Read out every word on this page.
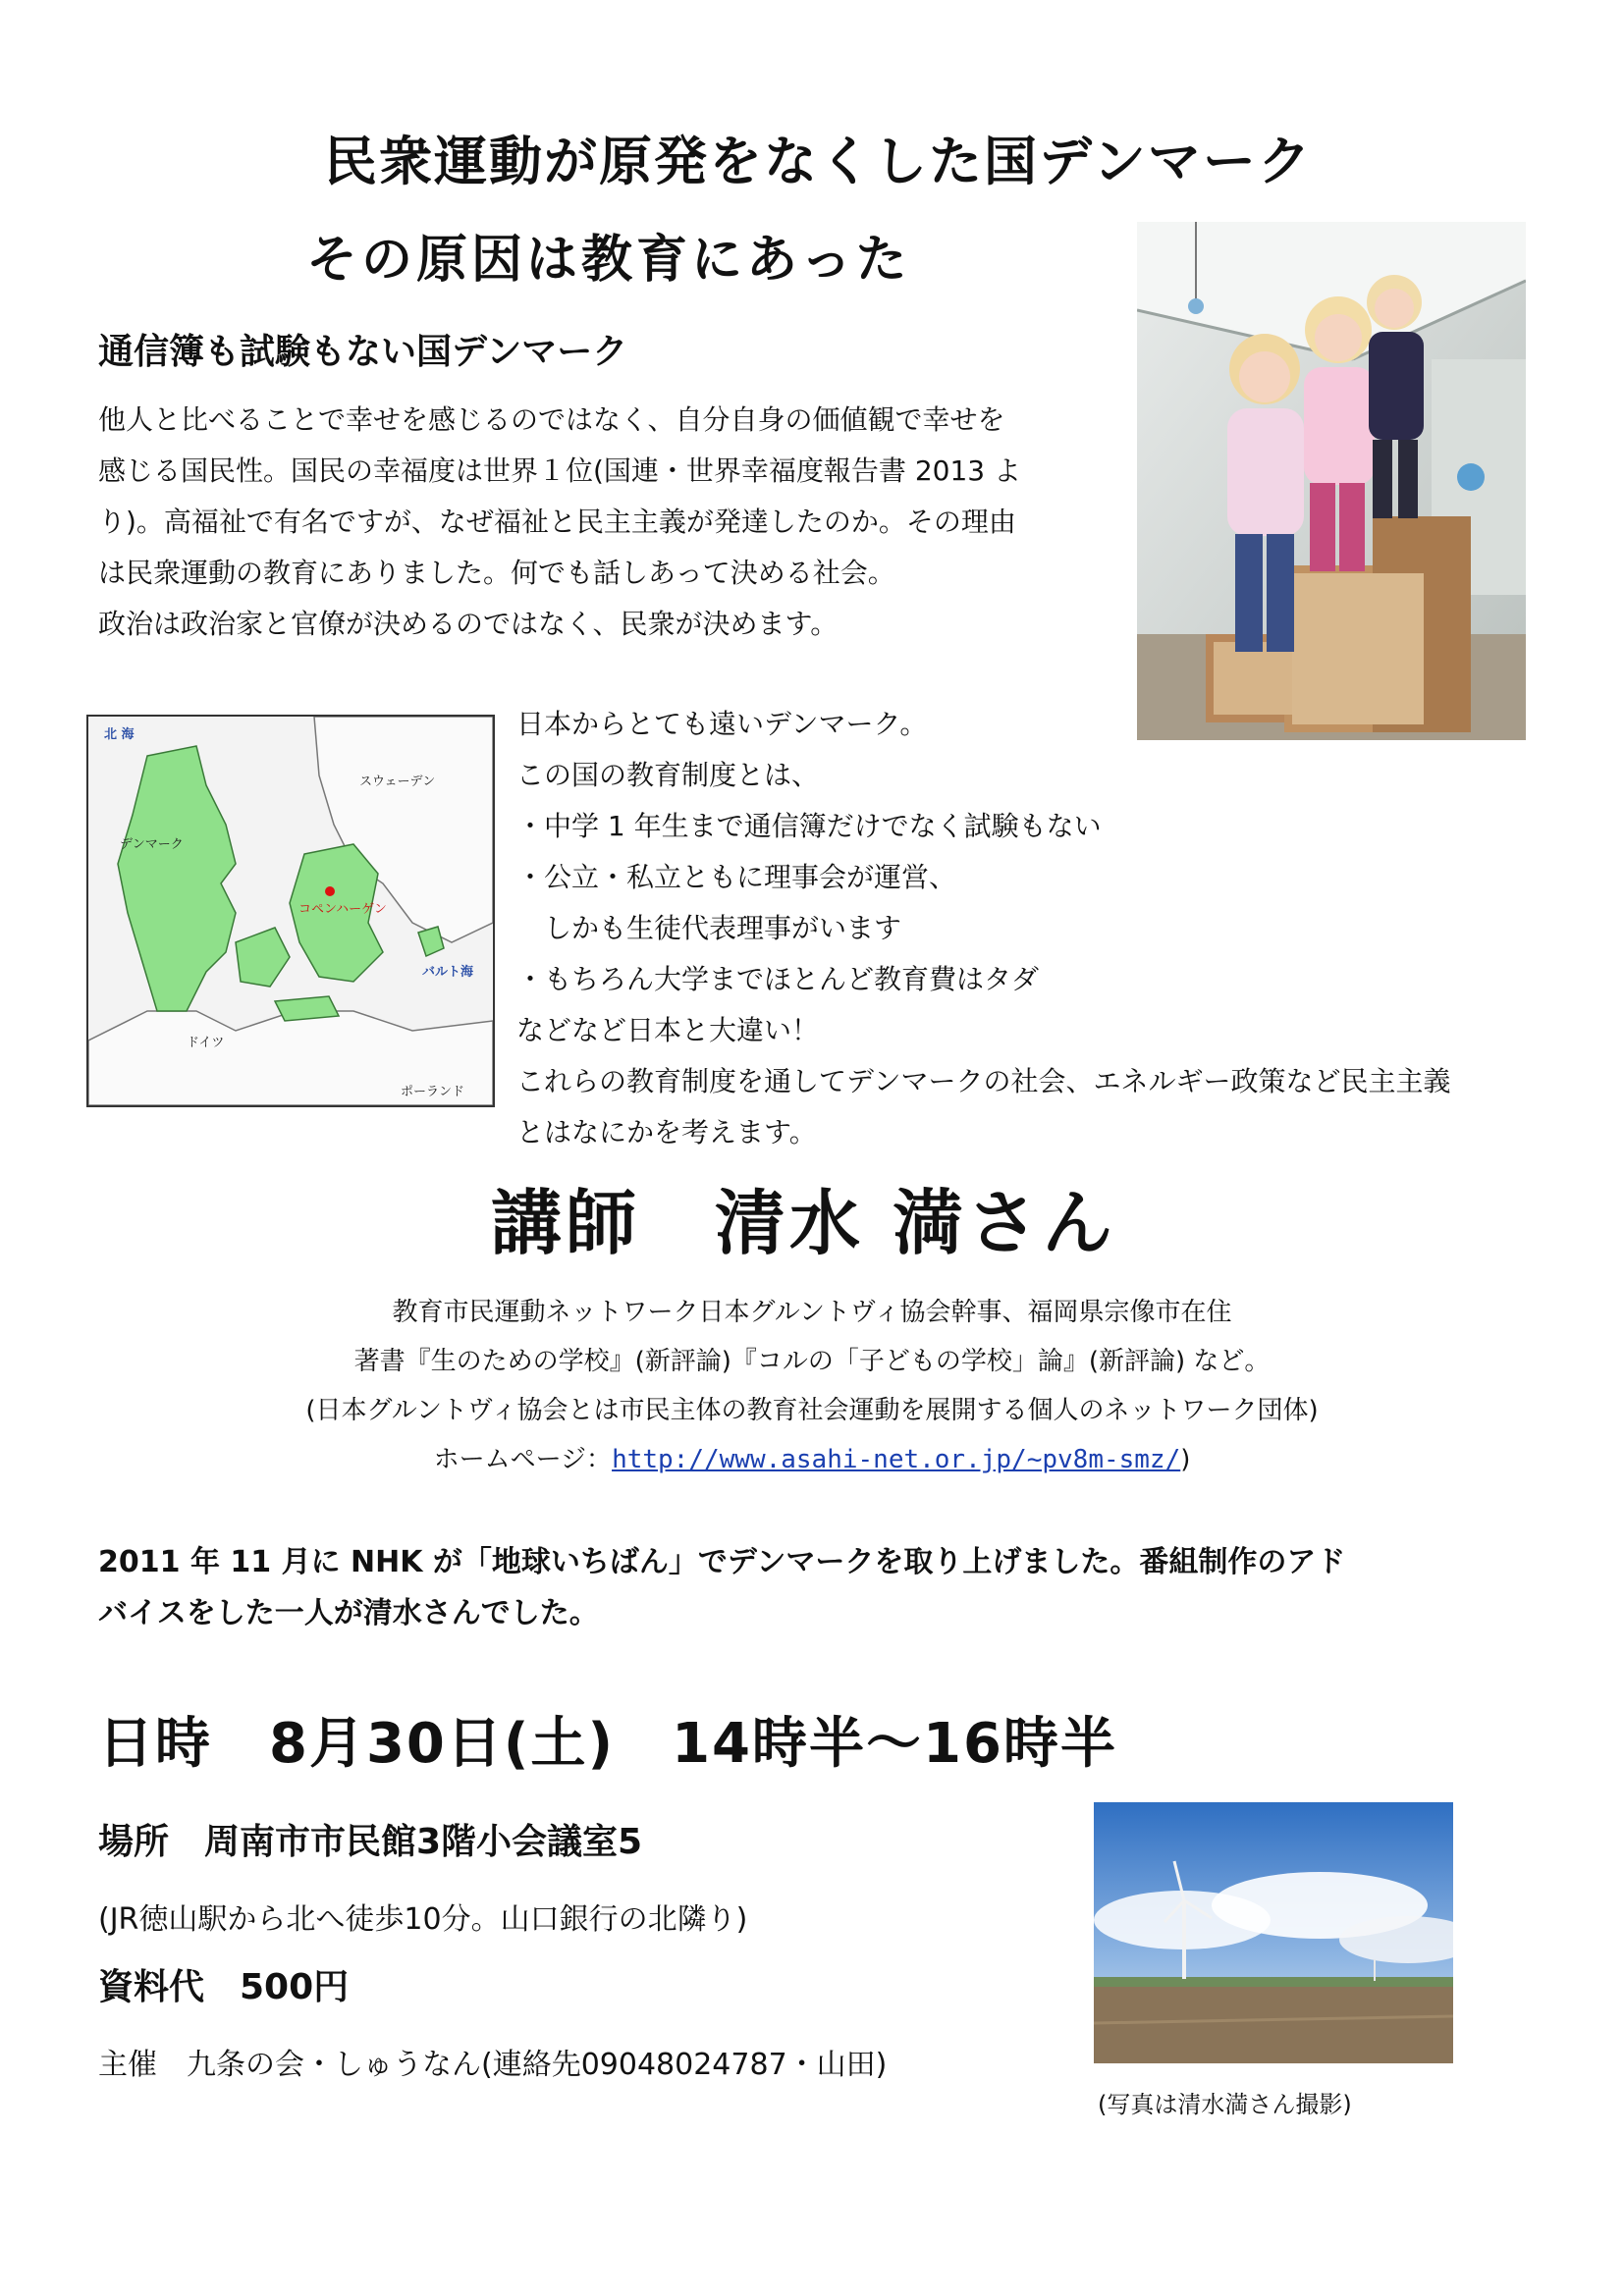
民衆運動が原発をなくした国デンマーク
その原因は教育にあった
通信簿も試験もない国デンマーク
他人と比べることで幸せを感じるのではなく、自分自身の価値観で幸せを
感じる国民性。国民の幸福度は世界１位(国連・世界幸福度報告書 2013 よ
り)。高福祉で有名ですが、なぜ福祉と民主主義が発達したのか。その理由
は民衆運動の教育にありました。何でも話しあって決める社会。
政治は政治家と官僚が決めるのではなく、民衆が決めます。
北 海
スウェーデン
デンマーク
コペンハーゲン
バルト海
ドイツ
ポーランド
日本からとても遠いデンマーク。
この国の教育制度とは、
・中学 1 年生まで通信簿だけでなく試験もない
・公立・私立ともに理事会が運営、
　しかも生徒代表理事がいます
・もちろん大学までほとんど教育費はタダ
などなど日本と大違い！
これらの教育制度を通してデンマークの社会、エネルギー政策など民主主義
とはなにかを考えます。
講師　清水 満さん
教育市民運動ネットワーク日本グルントヴィ協会幹事、福岡県宗像市在住
著書『生のための学校』(新評論)『コルの「子どもの学校」論』(新評論) など。
(日本グルントヴィ協会とは市民主体の教育社会運動を展開する個人のネットワーク団体)
ホームページ：http://www.asahi-net.or.jp/~pv8m-smz/)
2011 年 11 月に NHK が「地球いちばん」でデンマークを取り上げました。番組制作のアド
バイスをした一人が清水さんでした。
日時　8月30日(土)　14時半～16時半
場所　周南市市民館3階小会議室5
(JR徳山駅から北へ徒歩10分。山口銀行の北隣り)
資料代　500円
主催　九条の会・しゅうなん(連絡先09048024787・山田)
(写真は清水満さん撮影)
